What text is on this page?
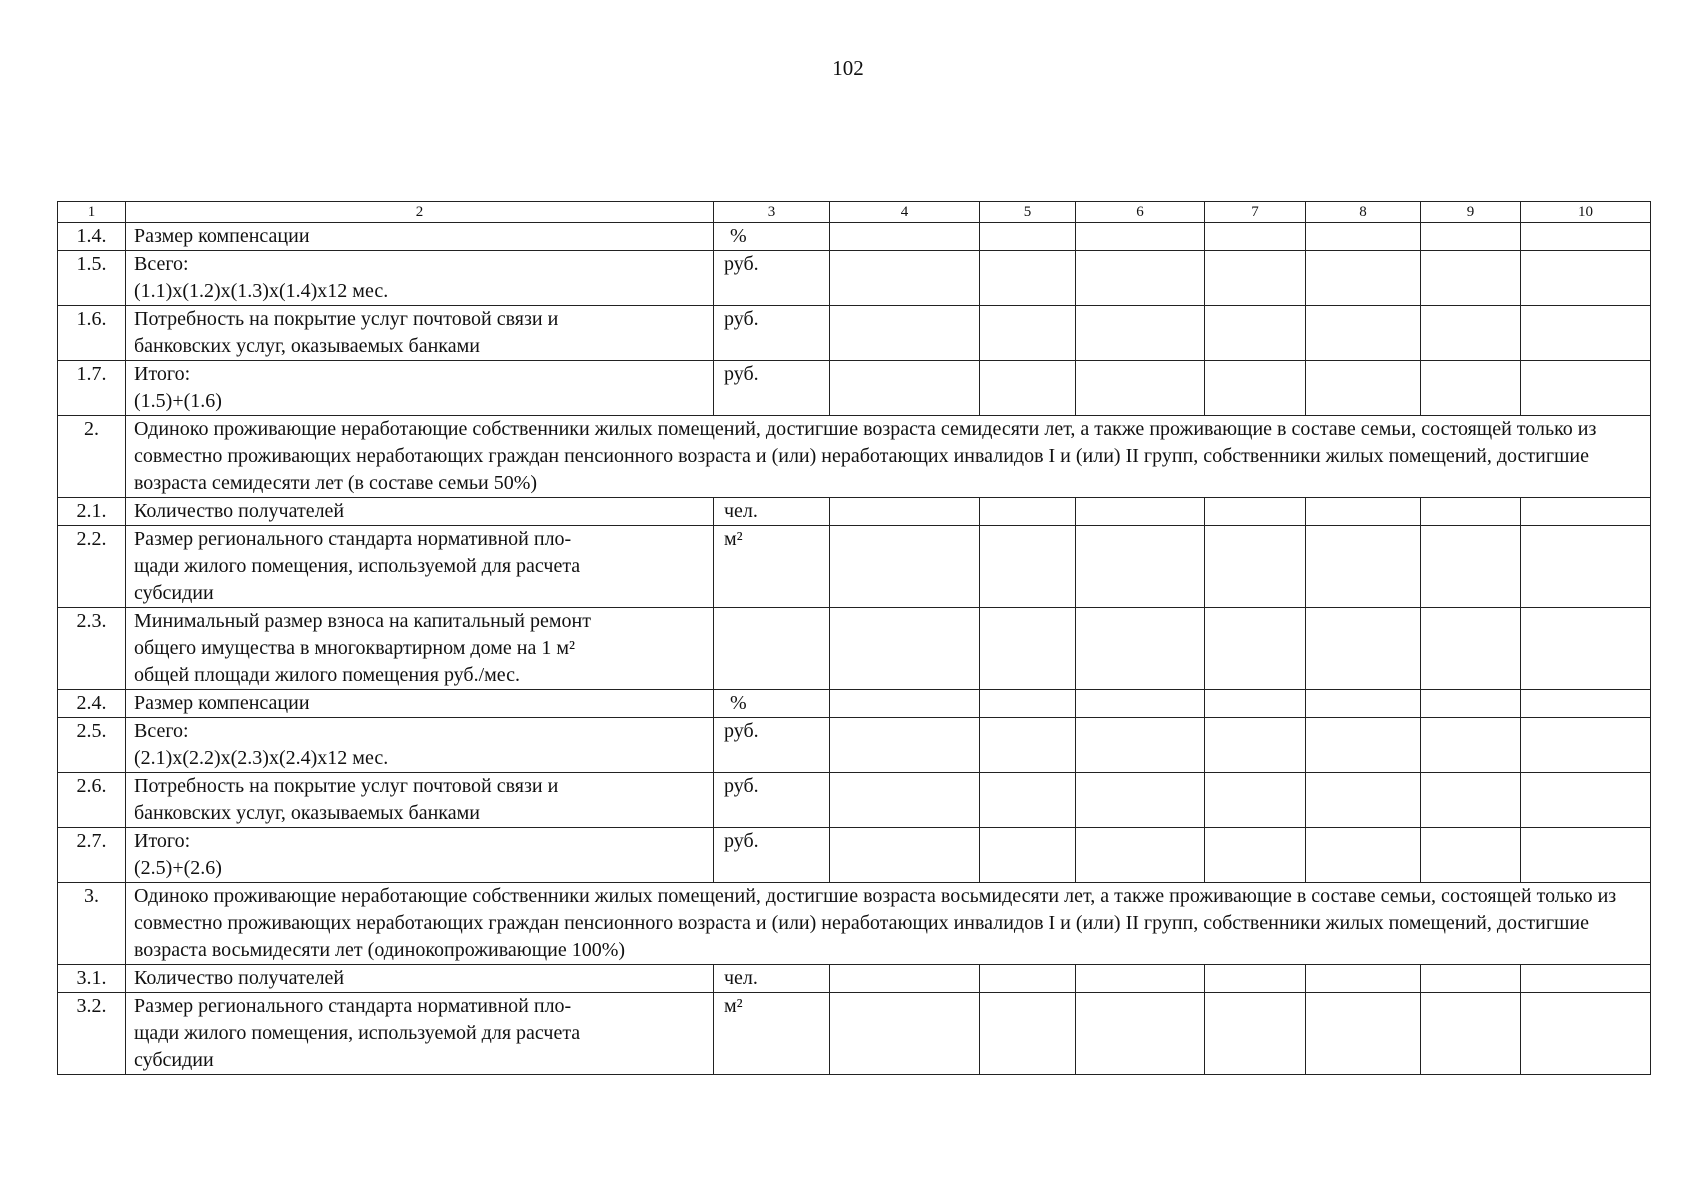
102
1	2	3	4	5	6	7	8	9	10
1.4.	Размер компенсации	%							
1.5.	Всего:
(1.1)х(1.2)х(1.3)х(1.4)х12 мес.	руб.							
1.6.	Потребность на покрытие услуг почтовой связи и
банковских услуг, оказываемых банками	руб.							
1.7.	Итого:
(1.5)+(1.6)	руб.							
2.	Одиноко проживающие неработающие собственники жилых помещений, достигшие возраста семидесяти лет, а также проживающие в составе семьи, состоящей только из совместно проживающих неработающих граждан пенсионного возраста и (или) неработающих инвалидов I и (или) II групп, собственники жилых помещений, достигшие возраста семидесяти лет (в составе семьи 50%)								
2.1.	Количество получателей	чел.							
2.2.	Размер регионального стандарта нормативной пло-
щади жилого помещения, используемой для расчета
субсидии	м²							
2.3.	Минимальный размер взноса на капитальный ремонт
общего имущества в многоквартирном доме на 1 м²
общей площади жилого помещения руб./мес.								
2.4.	Размер компенсации	%							
2.5.	Всего:
(2.1)х(2.2)х(2.3)х(2.4)х12 мес.	руб.							
2.6.	Потребность на покрытие услуг почтовой связи и
банковских услуг, оказываемых банками	руб.							
2.7.	Итого:
(2.5)+(2.6)	руб.							
3.	Одиноко проживающие неработающие собственники жилых помещений, достигшие возраста восьмидесяти лет, а также проживающие в составе семьи, состоящей только из совместно проживающих неработающих граждан пенсионного возраста и (или) неработающих инвалидов I и (или) II групп, собственники жилых помещений, достигшие возраста восьмидесяти лет (одинокопроживающие 100%)								
3.1.	Количество получателей	чел.							
3.2.	Размер регионального стандарта нормативной пло-
щади жилого помещения, используемой для расчета
субсидии	м²							
